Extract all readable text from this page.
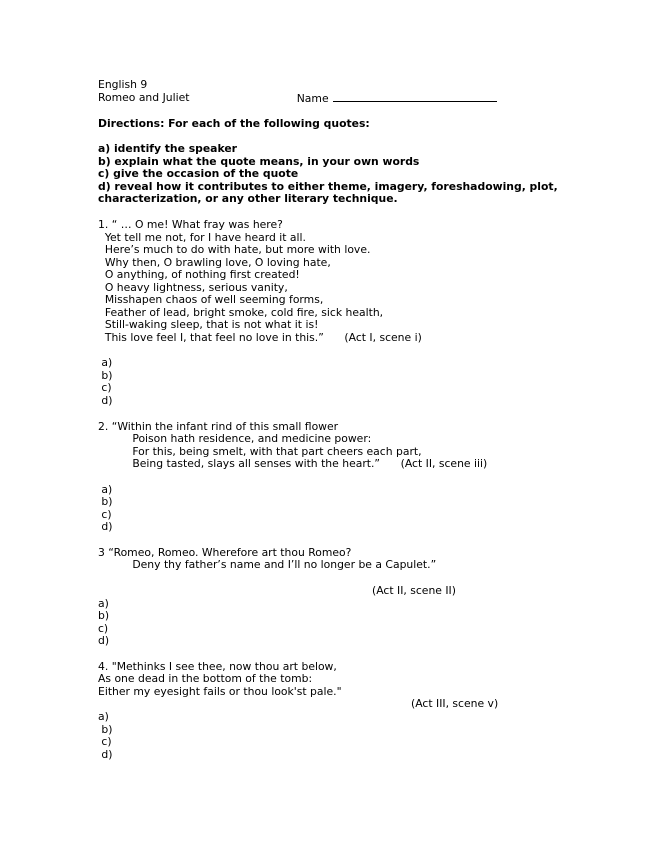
English 9

Name

Romeo and Juliet
Directions: For each of the following quotes:
a) identify the speaker
b) explain what the quote means, in your own words
c) give the occasion of the quote
d) reveal how it contributes to either theme, imagery, foreshadowing, plot,
characterization, or any other literary technique.
1. “ … O me! What fray was here?
Yet tell me not, for I have heard it all.
Here’s much to do with hate, but more with love.
Why then, O brawling love, O loving hate,
O anything, of nothing first created!
O heavy lightness, serious vanity,
Misshapen chaos of well seeming forms,
Feather of lead, bright smoke, cold fire, sick health,
Still-waking sleep, that is not what it is!
This love feel I, that feel no love in this.”      (Act I, scene i)
a)
b)
c)
d)
2. “Within the infant rind of this small flower
Poison hath residence, and medicine power:
For this, being smelt, with that part cheers each part,
Being tasted, slays all senses with the heart.”      (Act II, scene iii)
a)
b)
c)
d)
3 “Romeo, Romeo. Wherefore art thou Romeo?
Deny thy father’s name and I’ll no longer be a Capulet.”
(Act II, scene II)
a)
b)
c)
d)
4. "Methinks I see thee, now thou art below,
As one dead in the bottom of the tomb:
Either my eyesight fails or thou look'st pale."
(Act III, scene v)
a)
b)
c)
d)
